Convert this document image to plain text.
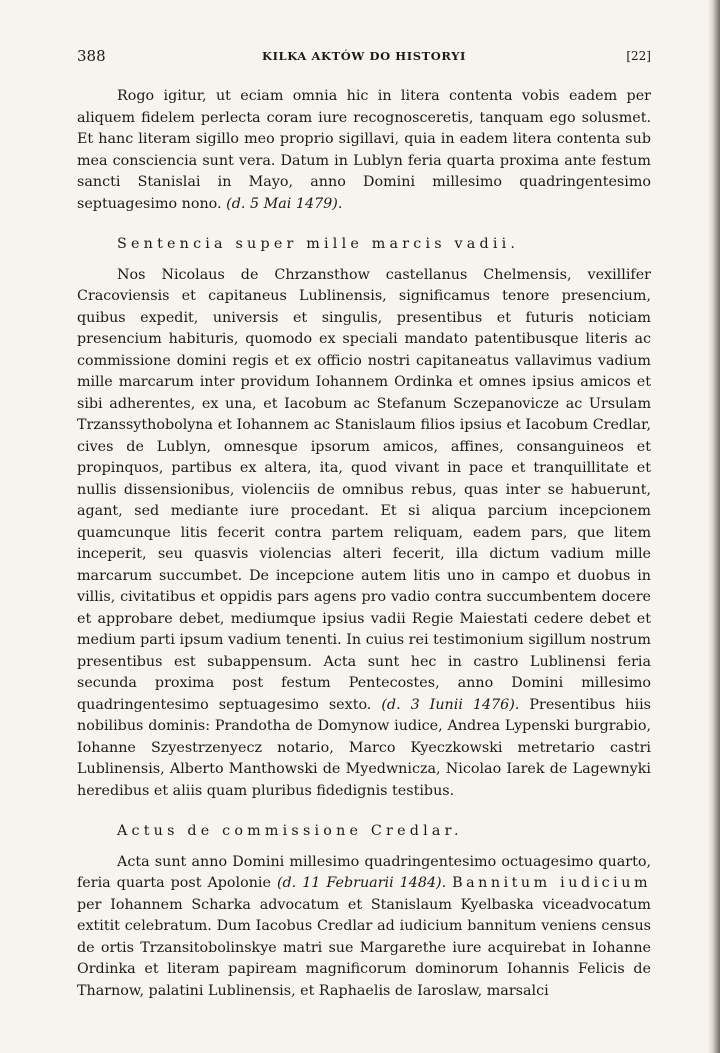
388	KILKA AKTÓW DO HISTORYI	[22]

Rogo igitur, ut eciam omnia hic in litera contenta vobis eadem per aliquem fidelem perlecta coram iure recognosceretis, tanquam ego solusmet. Et hanc literam sigillo meo proprio sigillavi, quia in eadem litera contenta sub mea consciencia sunt vera. Datum in Lublyn feria quarta proxima ante festum sancti Stanislai in Mayo, anno Domini millesimo quadringentesimo septuagesimo nono. (d. 5 Mai 1479).

Sentencia super mille marcis vadii.

Nos Nicolaus de Chrzansthow castellanus Chelmensis, vexillifer Cracoviensis et capitaneus Lublinensis, significamus tenore presencium, quibus expedit, universis et singulis, presentibus et futuris noticiam presencium habituris, quomodo ex speciali mandato patentibusque literis ac commissione domini regis et ex officio nostri capitaneatus vallavimus vadium mille marcarum inter providum Iohannem Ordinka et omnes ipsius amicos et sibi adherentes, ex una, et Iacobum ac Stefanum Sczepanovicze ac Ursulam Trzanssythobolyna et Iohannem ac Stanislaum filios ipsius et Iacobum Credlar, cives de Lublyn, omnesque ipsorum amicos, affines, consanguineos et propinquos, partibus ex altera, ita, quod vivant in pace et tranquillitate et nullis dissensionibus, violenciis de omnibus rebus, quas inter se habuerunt, agant, sed mediante iure procedant. Et si aliqua parcium incepcionem quamcunque litis fecerit contra partem reliquam, eadem pars, que litem inceperit, seu quasvis violencias alteri fecerit, illa dictum vadium mille marcarum succumbet. De incepcione autem litis uno in campo et duobus in villis, civitatibus et oppidis pars agens pro vadio contra succumbentem docere et approbare debet, mediumque ipsius vadii Regie Maiestati cedere debet et medium parti ipsum vadium tenenti. In cuius rei testimonium sigillum nostrum presentibus est subappensum. Acta sunt hec in castro Lublinensi feria secunda proxima post festum Pentecostes, anno Domini millesimo quadringentesimo septuagesimo sexto. (d. 3 Iunii 1476). Presentibus hiis nobilibus dominis: Prandotha de Domynow iudice, Andrea Lypenski burgrabio, Iohanne Szyestrzenyecz notario, Marco Kyeczkowski metretario castri Lublinensis, Alberto Manthowski de Myedwnicza, Nicolao Iarek de Lagewnyki heredibus et aliis quam pluribus fidedignis testibus.

Actus de commissione Credlar.

Acta sunt anno Domini millesimo quadringentesimo octuagesimo quarto, feria quarta post Apolonie (d. 11 Februarii 1484). Bannitum iudicium per Iohannem Scharka advocatum et Stanislaum Kyelbaska viceadvocatum extitit celebratum. Dum Iacobus Credlar ad iudicium bannitum veniens census de ortis Trzansitobolinskye matri sue Margarethe iure acquirebat in Iohanne Ordinka et literam papiream magnificorum dominorum Iohannis Felicis de Tharnow, palatini Lublinensis, et Raphaelis de Iaroslaw, marsalci
